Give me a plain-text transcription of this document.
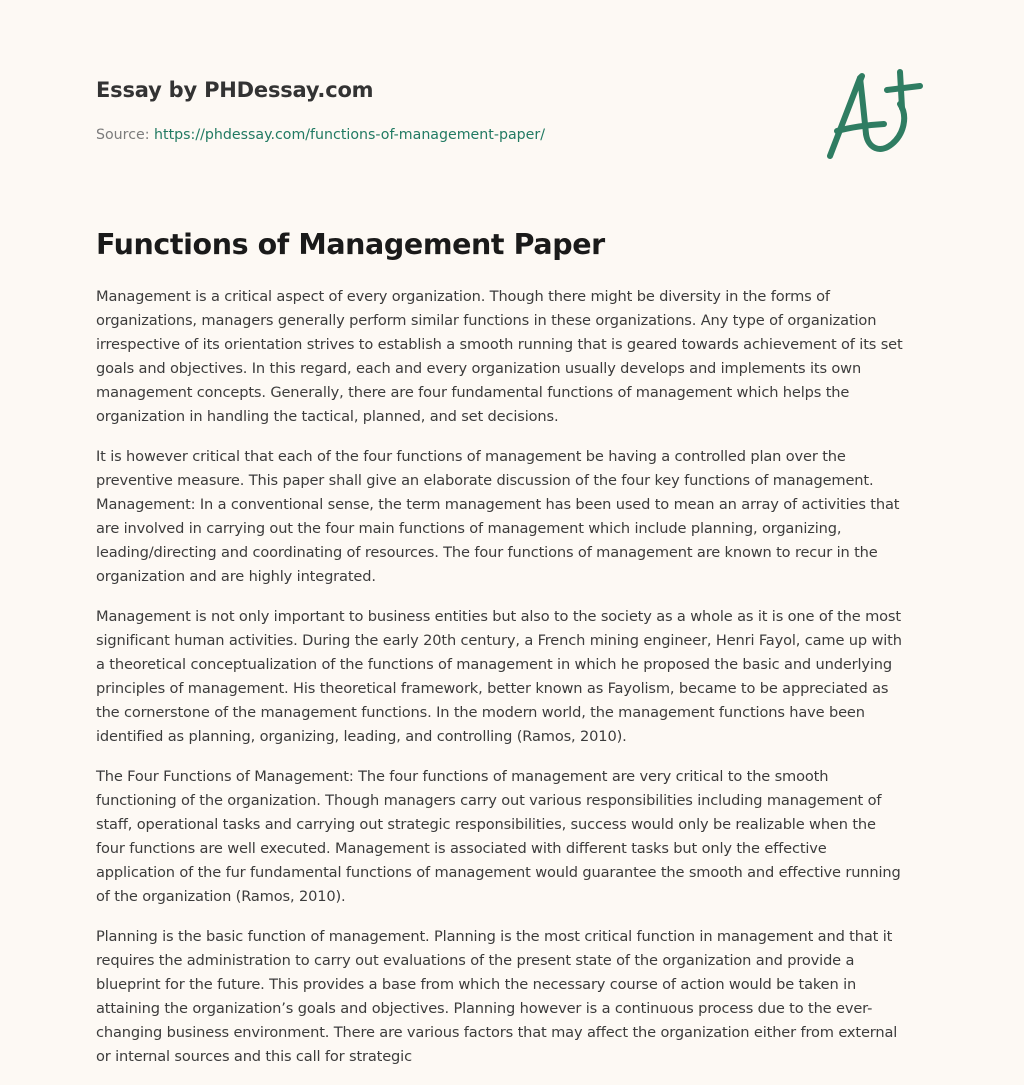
Essay by PHDessay.com
Source: https://phdessay.com/functions-of-management-paper/
Functions of Management Paper

Management is a critical aspect of every organization. Though there might be diversity in the forms of
organizations, managers generally perform similar functions in these organizations. Any type of organization
irrespective of its orientation strives to establish a smooth running that is geared towards achievement of its set
goals and objectives. In this regard, each and every organization usually develops and implements its own
management concepts. Generally, there are four fundamental functions of management which helps the
organization in handling the tactical, planned, and set decisions.

It is however critical that each of the four functions of management be having a controlled plan over the
preventive measure. This paper shall give an elaborate discussion of the four key functions of management.
Management: In a conventional sense, the term management has been used to mean an array of activities that
are involved in carrying out the four main functions of management which include planning, organizing,
leading/directing and coordinating of resources. The four functions of management are known to recur in the
organization and are highly integrated.

Management is not only important to business entities but also to the society as a whole as it is one of the most
significant human activities. During the early 20th century, a French mining engineer, Henri Fayol, came up with
a theoretical conceptualization of the functions of management in which he proposed the basic and underlying
principles of management. His theoretical framework, better known as Fayolism, became to be appreciated as
the cornerstone of the management functions. In the modern world, the management functions have been
identified as planning, organizing, leading, and controlling (Ramos, 2010).

The Four Functions of Management: The four functions of management are very critical to the smooth
functioning of the organization. Though managers carry out various responsibilities including management of
staff, operational tasks and carrying out strategic responsibilities, success would only be realizable when the
four functions are well executed. Management is associated with different tasks but only the effective
application of the fur fundamental functions of management would guarantee the smooth and effective running
of the organization (Ramos, 2010).

Planning is the basic function of management. Planning is the most critical function in management and that it
requires the administration to carry out evaluations of the present state of the organization and provide a
blueprint for the future. This provides a base from which the necessary course of action would be taken in
attaining the organization’s goals and objectives. Planning however is a continuous process due to the ever-
changing business environment. There are various factors that may affect the organization either from external
or internal sources and this call for strategic
